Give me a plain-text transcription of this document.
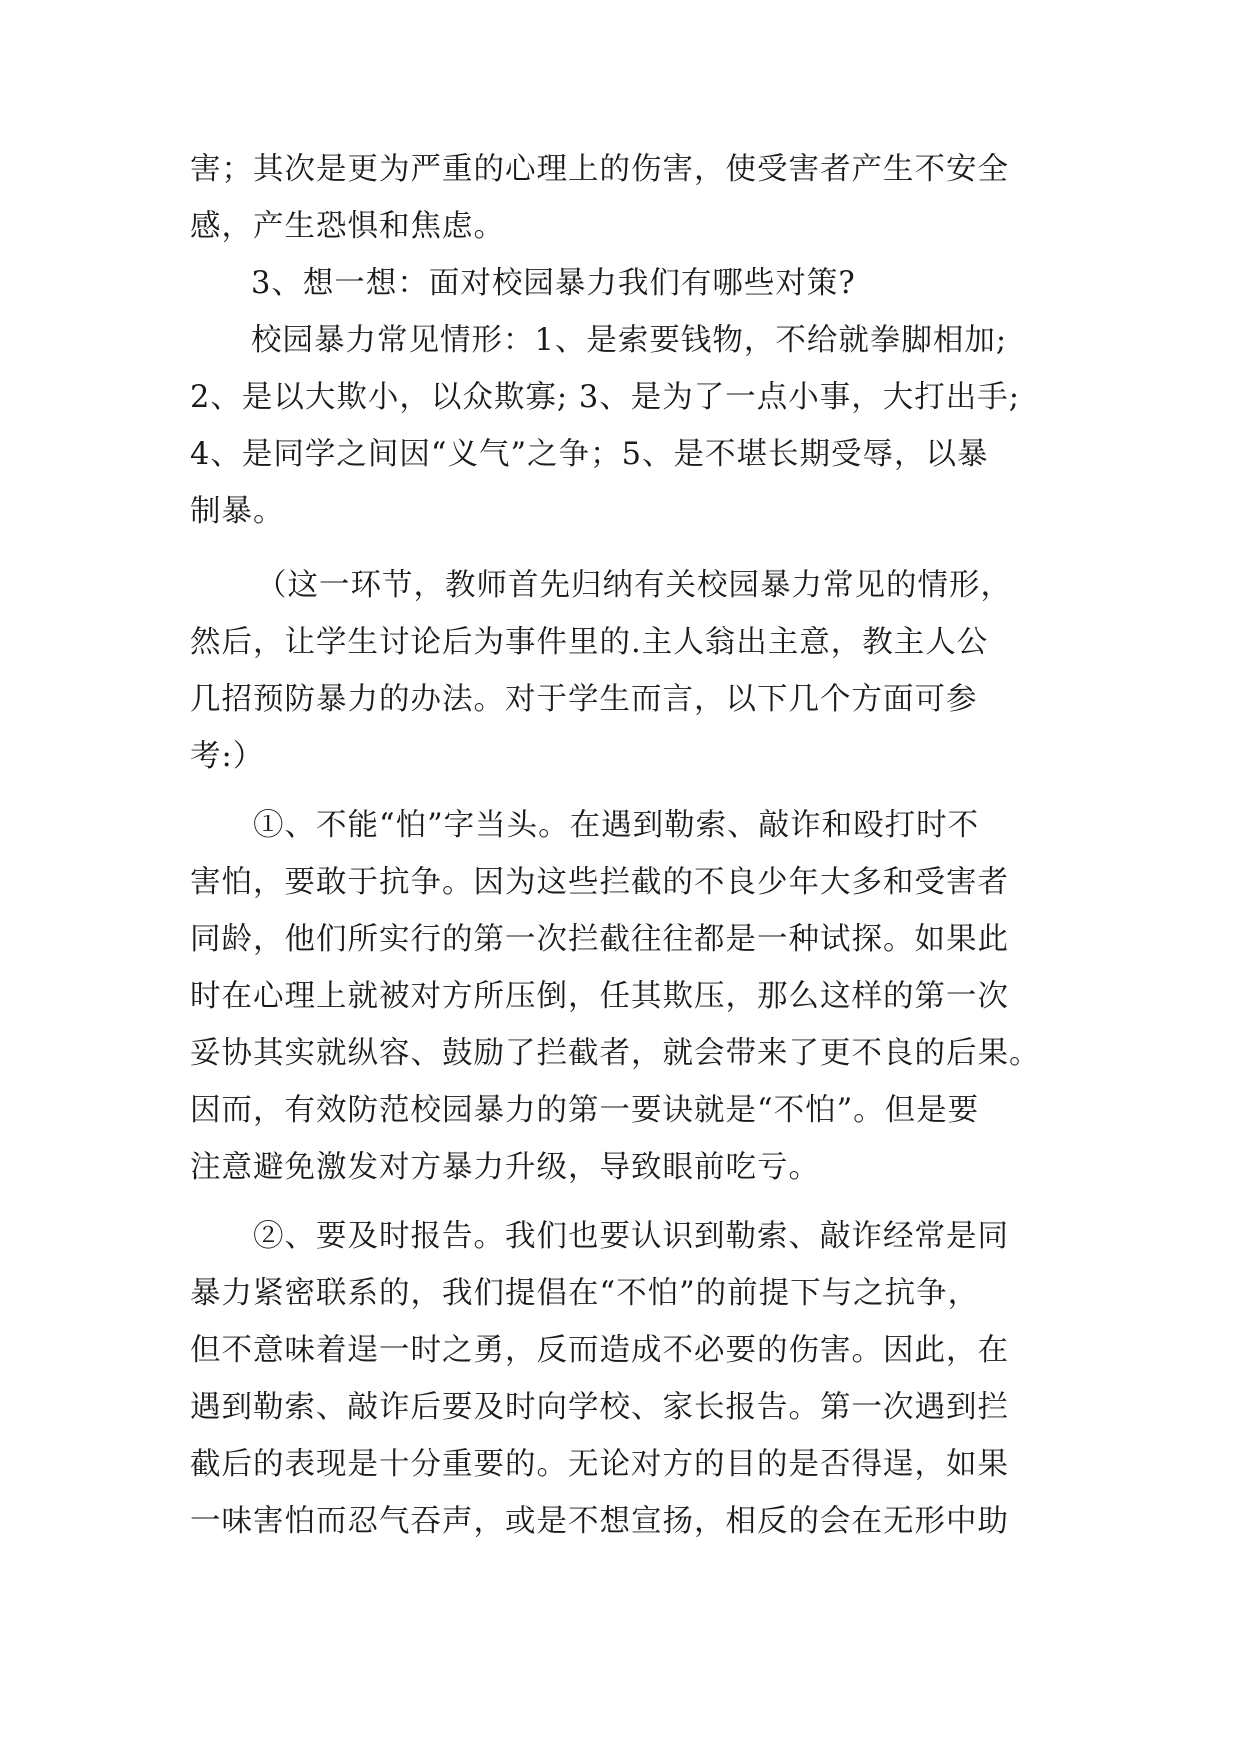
害；其次是更为严重的心理上的伤害，使受害者产生不安全
感，产生恐惧和焦虑。
3、想一想：面对校园暴力我们有哪些对策?
校园暴力常见情形：1、是索要钱物，不给就拳脚相加;
2、是以大欺小，以众欺寡; 3、是为了一点小事，大打出手;
4、是同学之间因“义气”之争；5、是不堪长期受辱，以暴
制暴。
（这一环节，教师首先归纳有关校园暴力常见的情形，
然后，让学生讨论后为事件里的.主人翁出主意，教主人公
几招预防暴力的办法。对于学生而言，以下几个方面可参
考:）
①、不能“怕”字当头。在遇到勒索、敲诈和殴打时不
害怕，要敢于抗争。因为这些拦截的不良少年大多和受害者
同龄，他们所实行的第一次拦截往往都是一种试探。如果此
时在心理上就被对方所压倒，任其欺压，那么这样的第一次
妥协其实就纵容、鼓励了拦截者，就会带来了更不良的后果。
因而，有效防范校园暴力的第一要诀就是“不怕”。但是要
注意避免激发对方暴力升级，导致眼前吃亏。
②、要及时报告。我们也要认识到勒索、敲诈经常是同
暴力紧密联系的，我们提倡在“不怕”的前提下与之抗争，
但不意味着逞一时之勇，反而造成不必要的伤害。因此，在
遇到勒索、敲诈后要及时向学校、家长报告。第一次遇到拦
截后的表现是十分重要的。无论对方的目的是否得逞，如果
一味害怕而忍气吞声，或是不想宣扬，相反的会在无形中助
